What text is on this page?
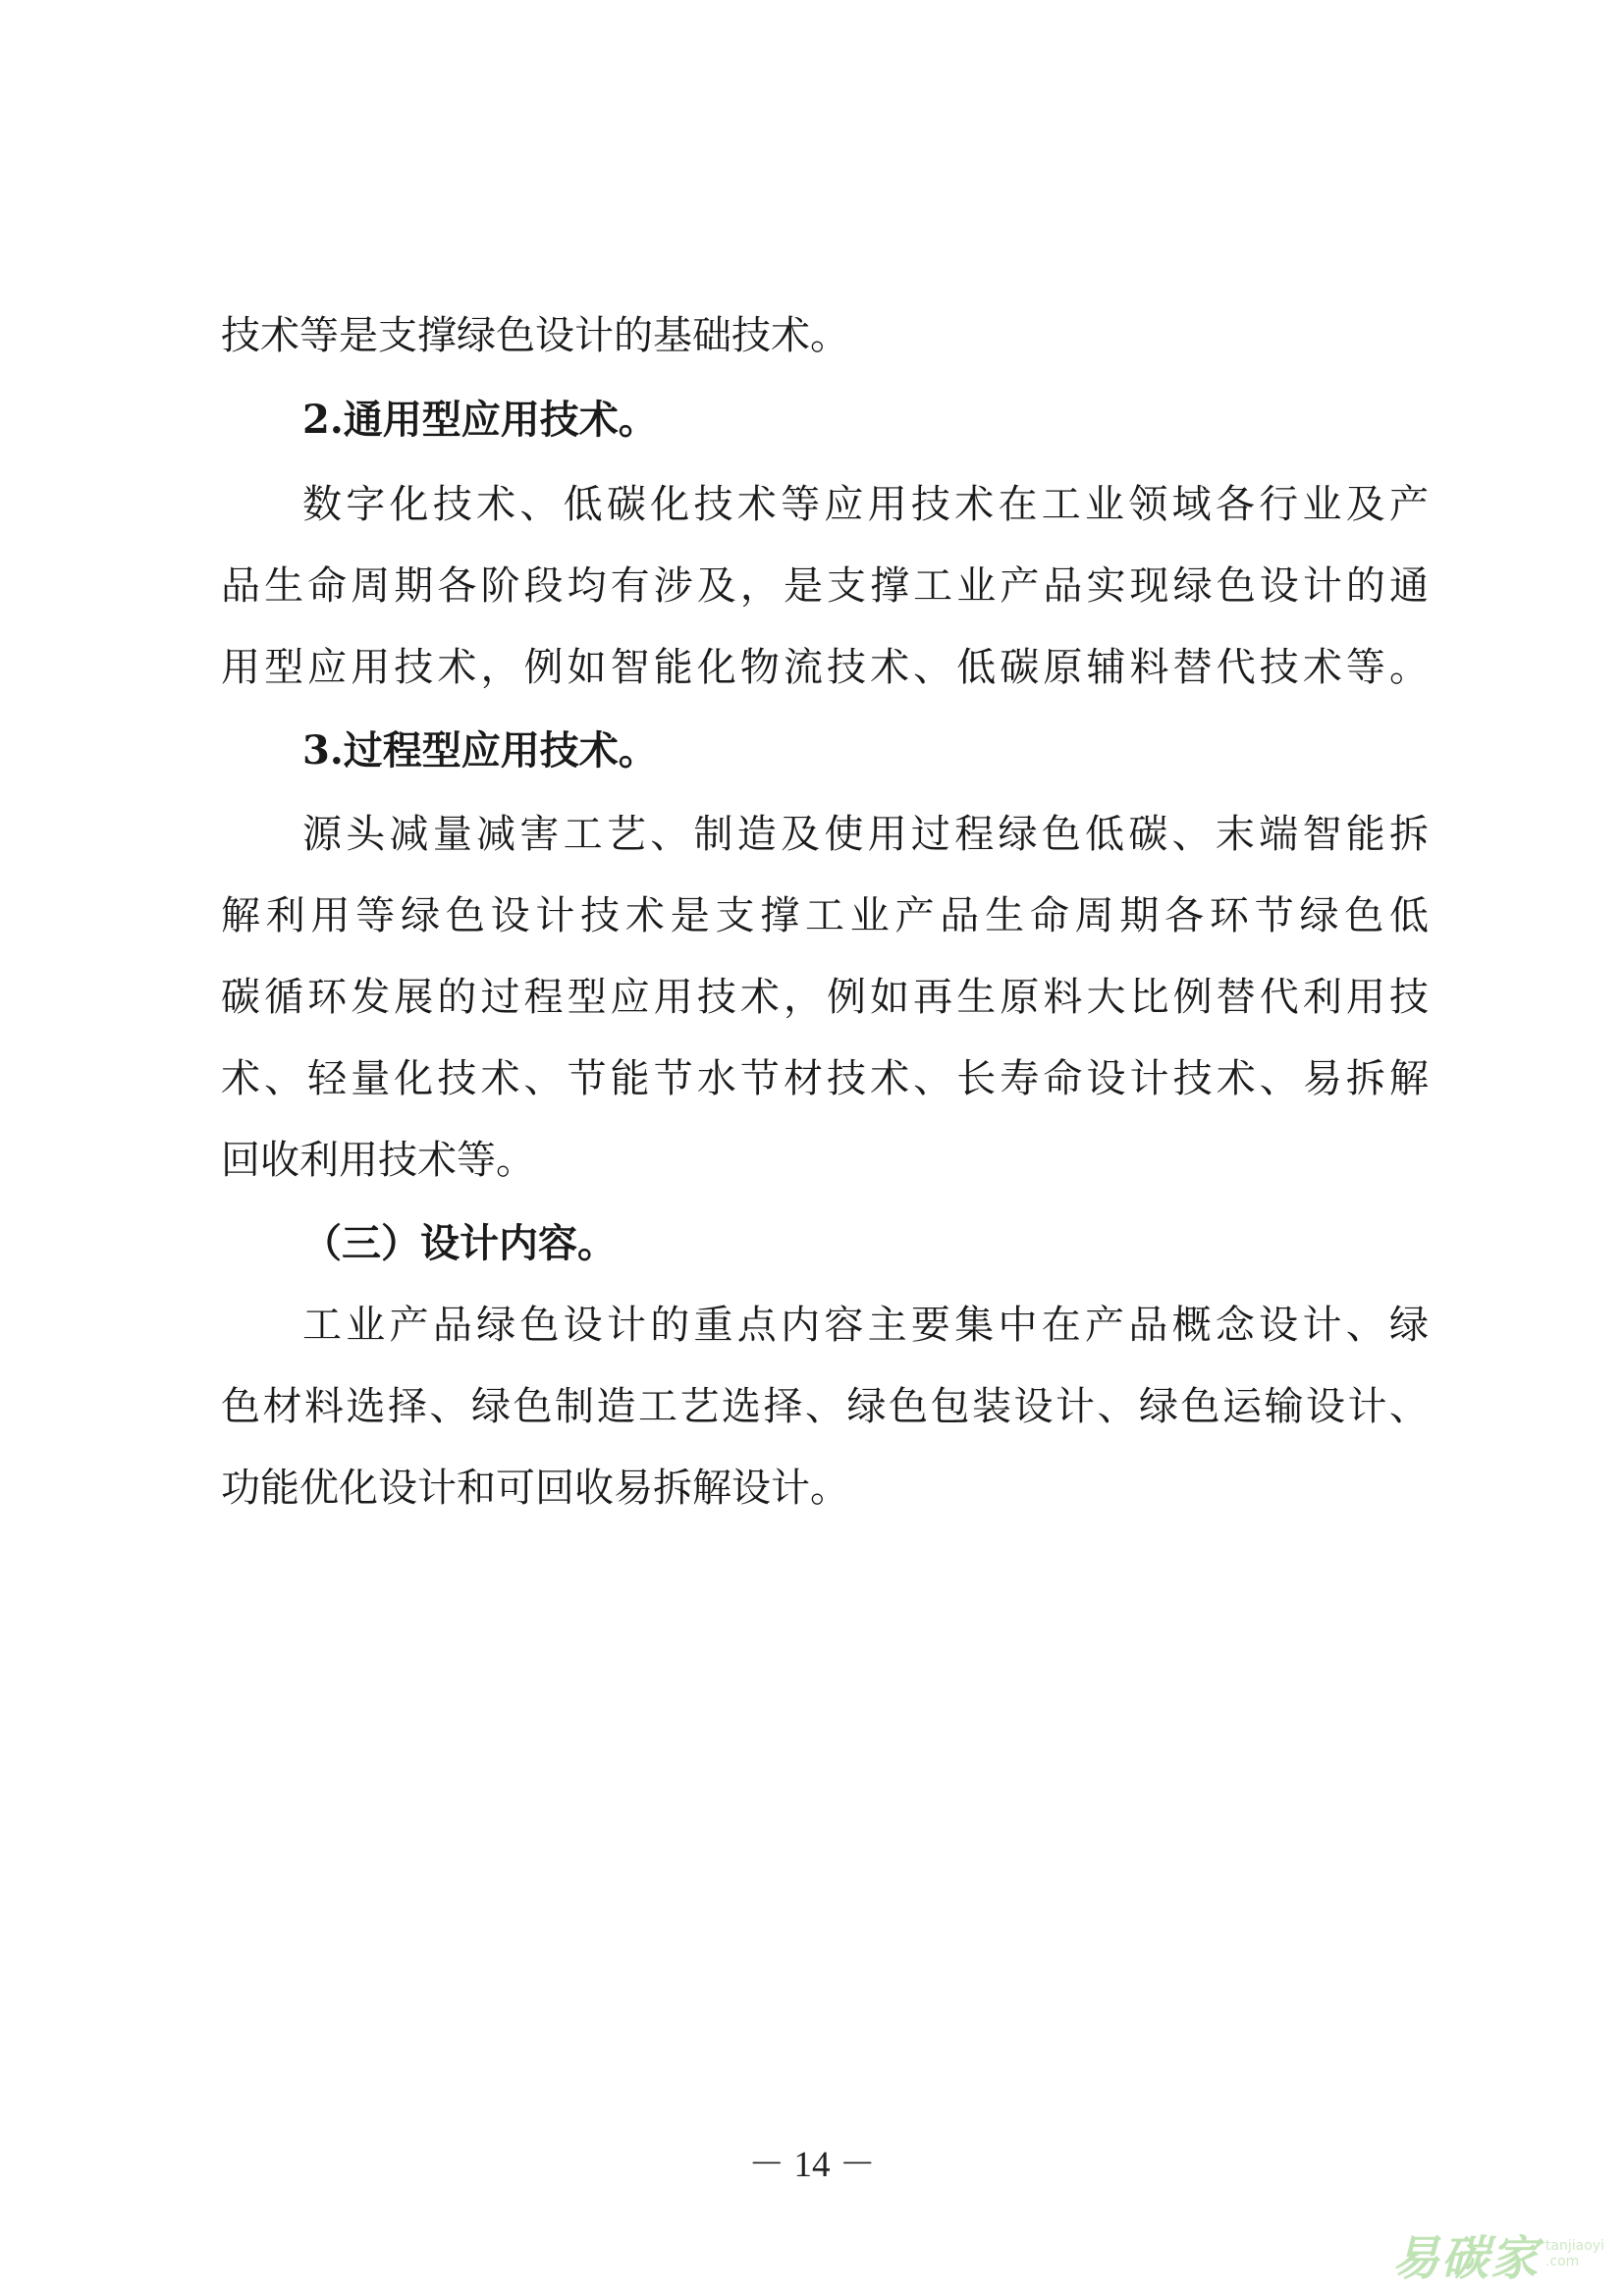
技术等是支撑绿色设计的基础技术。
2.通用型应用技术。
数字化技术、低碳化技术等应用技术在工业领域各行业及产
品生命周期各阶段均有涉及，是支撑工业产品实现绿色设计的通
用型应用技术，例如智能化物流技术、低碳原辅料替代技术等。
3.过程型应用技术。
源头减量减害工艺、制造及使用过程绿色低碳、末端智能拆
解利用等绿色设计技术是支撑工业产品生命周期各环节绿色低
碳循环发展的过程型应用技术，例如再生原料大比例替代利用技
术、轻量化技术、节能节水节材技术、长寿命设计技术、易拆解
回收利用技术等。
（三）设计内容。
工业产品绿色设计的重点内容主要集中在产品概念设计、绿
色材料选择、绿色制造工艺选择、绿色包装设计、绿色运输设计、
功能优化设计和可回收易拆解设计。
－ 14 －
易碳家 tanjiaoyi
.com
